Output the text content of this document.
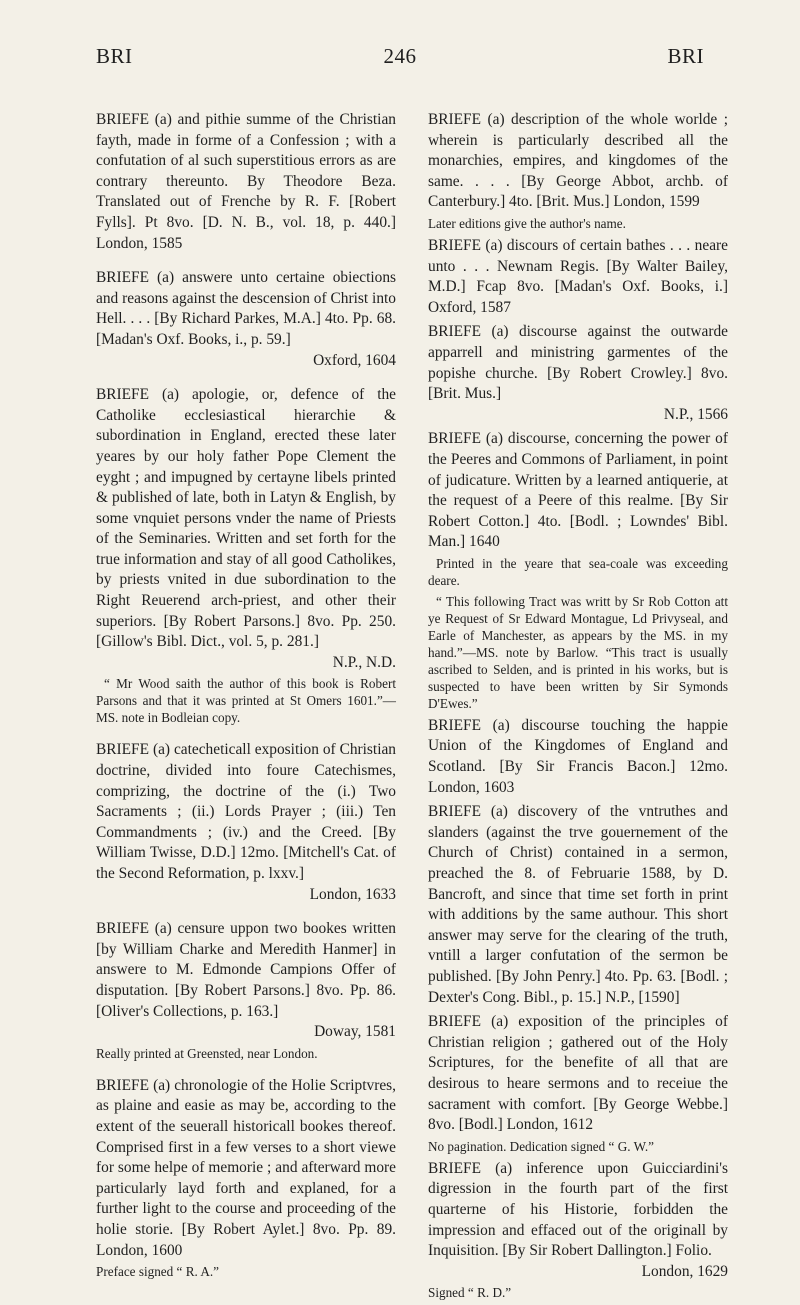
BRI	246	BRI

BRIEFE (a) and pithie summe of the Christian fayth, made in forme of a Confession ; with a confutation of al such superstitious errors as are contrary thereunto. By Theodore Beza. Translated out of Frenche by R. F. [Robert Fylls]. Pt 8vo. [D. N. B., vol. 18, p. 440.] London, 1585

BRIEFE (a) answere unto certaine obiections and reasons against the descension of Christ into Hell. . . . [By Richard Parkes, M.A.] 4to. Pp. 68. [Madan's Oxf. Books, i., p. 59.]

Oxford, 1604

BRIEFE (a) apologie, or, defence of the Catholike ecclesiastical hierarchie & subordination in England, erected these later yeares by our holy father Pope Clement the eyght ; and impugned by certayne libels printed & published of late, both in Latyn & English, by some vnquiet persons vnder the name of Priests of the Seminaries. Written and set forth for the true information and stay of all good Catholikes, by priests vnited in due subordination to the Right Reuerend arch-priest, and other their superiors. [By Robert Parsons.] 8vo. Pp. 250. [Gillow's Bibl. Dict., vol. 5, p. 281.]

N.P., N.D.

“ Mr Wood saith the author of this book is Robert Parsons and that it was printed at St Omers 1601.”—MS. note in Bodleian copy.

BRIEFE (a) catecheticall exposition of Christian doctrine, divided into foure Catechismes, comprizing, the doctrine of the (i.) Two Sacraments ; (ii.) Lords Prayer ; (iii.) Ten Commandments ; (iv.) and the Creed. [By William Twisse, D.D.] 12mo. [Mitchell's Cat. of the Second Reformation, p. lxxv.]

London, 1633

BRIEFE (a) censure uppon two bookes written [by William Charke and Meredith Hanmer] in answere to M. Edmonde Campions Offer of disputation. [By Robert Parsons.] 8vo. Pp. 86. [Oliver's Collections, p. 163.]

Doway, 1581

Really printed at Greensted, near London.

BRIEFE (a) chronologie of the Holie Scriptvres, as plaine and easie as may be, according to the extent of the seuerall historicall bookes thereof. Comprised first in a few verses to a short viewe for some helpe of memorie ; and afterward more particularly layd forth and explaned, for a further light to the course and proceeding of the holie storie. [By Robert Aylet.] 8vo. Pp. 89. London, 1600

Preface signed “ R. A.”

BRIEFE (a) description of the whole worlde ; wherein is particularly described all the monarchies, empires, and kingdomes of the same. . . . [By George Abbot, archb. of Canterbury.] 4to. [Brit. Mus.] London, 1599

Later editions give the author's name.

BRIEFE (a) discours of certain bathes . . . neare unto . . . Newnam Regis. [By Walter Bailey, M.D.] Fcap 8vo. [Madan's Oxf. Books, i.] Oxford, 1587

BRIEFE (a) discourse against the outwarde apparrell and ministring garmentes of the popishe churche. [By Robert Crowley.] 8vo. [Brit. Mus.]

N.P., 1566

BRIEFE (a) discourse, concerning the power of the Peeres and Commons of Parliament, in point of judicature. Written by a learned antiquerie, at the request of a Peere of this realme. [By Sir Robert Cotton.] 4to. [Bodl. ; Lowndes' Bibl. Man.] 1640

Printed in the yeare that sea-coale was exceeding deare.

“ This following Tract was writt by Sr Rob Cotton att ye Request of Sr Edward Montague, Ld Privyseal, and Earle of Manchester, as appears by the MS. in my hand.”—MS. note by Barlow. “This tract is usually ascribed to Selden, and is printed in his works, but is suspected to have been written by Sir Symonds D'Ewes.”

BRIEFE (a) discourse touching the happie Union of the Kingdomes of England and Scotland. [By Sir Francis Bacon.] 12mo. London, 1603

BRIEFE (a) discovery of the vntruthes and slanders (against the trve gouernement of the Church of Christ) contained in a sermon, preached the 8. of Februarie 1588, by D. Bancroft, and since that time set forth in print with additions by the same authour. This short answer may serve for the clearing of the truth, vntill a larger confutation of the sermon be published. [By John Penry.] 4to. Pp. 63. [Bodl. ; Dexter's Cong. Bibl., p. 15.] N.P., [1590]

BRIEFE (a) exposition of the principles of Christian religion ; gathered out of the Holy Scriptures, for the benefite of all that are desirous to heare sermons and to receiue the sacrament with comfort. [By George Webbe.] 8vo. [Bodl.] London, 1612

No pagination. Dedication signed “ G. W.”

BRIEFE (a) inference upon Guicciardini's digression in the fourth part of the first quarterne of his Historie, forbidden the impression and effaced out of the originall by Inquisition. [By Sir Robert Dallington.] Folio.

London, 1629

Signed “ R. D.”
